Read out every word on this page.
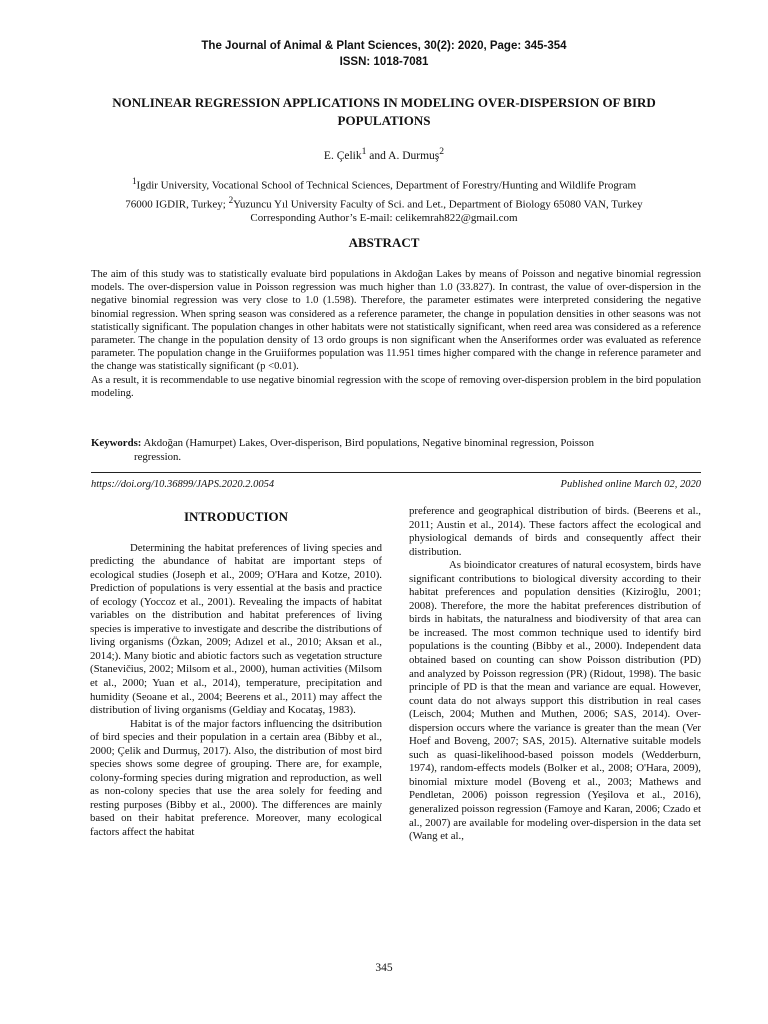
The Journal of Animal & Plant Sciences, 30(2): 2020, Page: 345-354
ISSN: 1018-7081
NONLINEAR REGRESSION APPLICATIONS IN MODELING OVER-DISPERSION OF BIRD POPULATIONS
E. Çelik$^1$ and A. Durmuş$^2$
$^1$Igdir University, Vocational School of Technical Sciences, Department of Forestry/Hunting and Wildlife Program
76000 IGDIR, Turkey; $^2$Yuzuncu Yıl University Faculty of Sci. and Let., Department of Biology 65080 VAN, Turkey
Corresponding Author’s E-mail: celikemrah822@gmail.com
ABSTRACT

The aim of this study was to statistically evaluate bird populations in Akdoğan Lakes by means of Poisson and negative binomial regression models. The over-dispersion value in Poisson regression was much higher than 1.0 (33.827). In contrast, the value of over-dispersion in the negative binomial regression was very close to 1.0 (1.598). Therefore, the parameter estimates were interpreted considering the negative binomial regression. When spring season was considered as a reference parameter, the change in population densities in other seasons was not statistically significant. The population changes in other habitats were not statistically significant, when reed area was considered as a reference parameter. The change in the population density of 13 ordo groups is non significant when the Anseriformes order was evaluated as reference parameter. The population change in the Gruiiformes population was 11.951 times higher compared with the change in reference parameter and the change was statistically significant (p <0.01).

As a result, it is recommendable to use negative binomial regression with the scope of removing over-dispersion problem in the bird population modeling.

Keywords: Akdoğan (Hamurpet) Lakes, Over-disperison, Bird populations, Negative binominal regression, Poisson
regression.
https://doi.org/10.36899/JAPS.2020.2.0054	Published online March 02, 2020
INTRODUCTION

Determining the habitat preferences of living species and predicting the abundance of habitat are important steps of ecological studies (Joseph et al., 2009; O'Hara and Kotze, 2010). Prediction of populations is very essential at the basis and practice of ecology (Yoccoz et al., 2001). Revealing the impacts of habitat variables on the distribution and habitat preferences of living species is imperative to investigate and describe the distributions of living organisms (Özkan, 2009; Adızel et al., 2010; Aksan et al., 2014;). Many biotic and abiotic factors such as vegetation structure (Stanevičius, 2002; Milsom et al., 2000), human activities (Milsom et al., 2000; Yuan et al., 2014), temperature, precipitation and humidity (Seoane et al., 2004; Beerens et al., 2011) may affect the distribution of living organisms (Geldiay and Kocataş, 1983).

Habitat is of the major factors influencing the dsitribution of bird species and their population in a certain area (Bibby et al., 2000; Çelik and Durmuş, 2017). Also, the distribution of most bird species shows some degree of grouping. There are, for example, colony-forming species during migration and reproduction, as well as non-colony species that use the area solely for feeding and resting purposes (Bibby et al., 2000). The differences are mainly based on their habitat preference. Moreover, many ecological factors affect the habitat

preference and geographical distribution of birds. (Beerens et al., 2011; Austin et al., 2014). These factors affect the ecological and physiological demands of birds and consequently affect their distribution.

As bioindicator creatures of natural ecosystem, birds have significant contributions to biological diversity according to their habitat preferences and population densities (Kiziroğlu, 2001; 2008). Therefore, the more the habitat preferences distribution of birds in habitats, the naturalness and biodiversity of that area can be increased. The most common technique used to identify bird populations is the counting (Bibby et al., 2000). Independent data obtained based on counting can show Poisson distribution (PD) and analyzed by Poisson regression (PR) (Ridout, 1998). The basic principle of PD is that the mean and variance are equal. However, count data do not always support this distribution in real cases (Leisch, 2004; Muthen and Muthen, 2006; SAS, 2014). Over-dispersion occurs where the variance is greater than the mean (Ver Hoef and Boveng, 2007; SAS, 2015). Alternative suitable models such as quasi-likelihood-based poisson models (Wedderburn, 1974), random-effects models (Bolker et al., 2008; O'Hara, 2009), binomial mixture model (Boveng et al., 2003; Mathews and Pendletan, 2006) poisson regression (Yeşilova et al., 2016), generalized poisson regression (Famoye and Karan, 2006; Czado et al., 2007) are available for modeling over-dispersion in the data set (Wang et al.,

345
